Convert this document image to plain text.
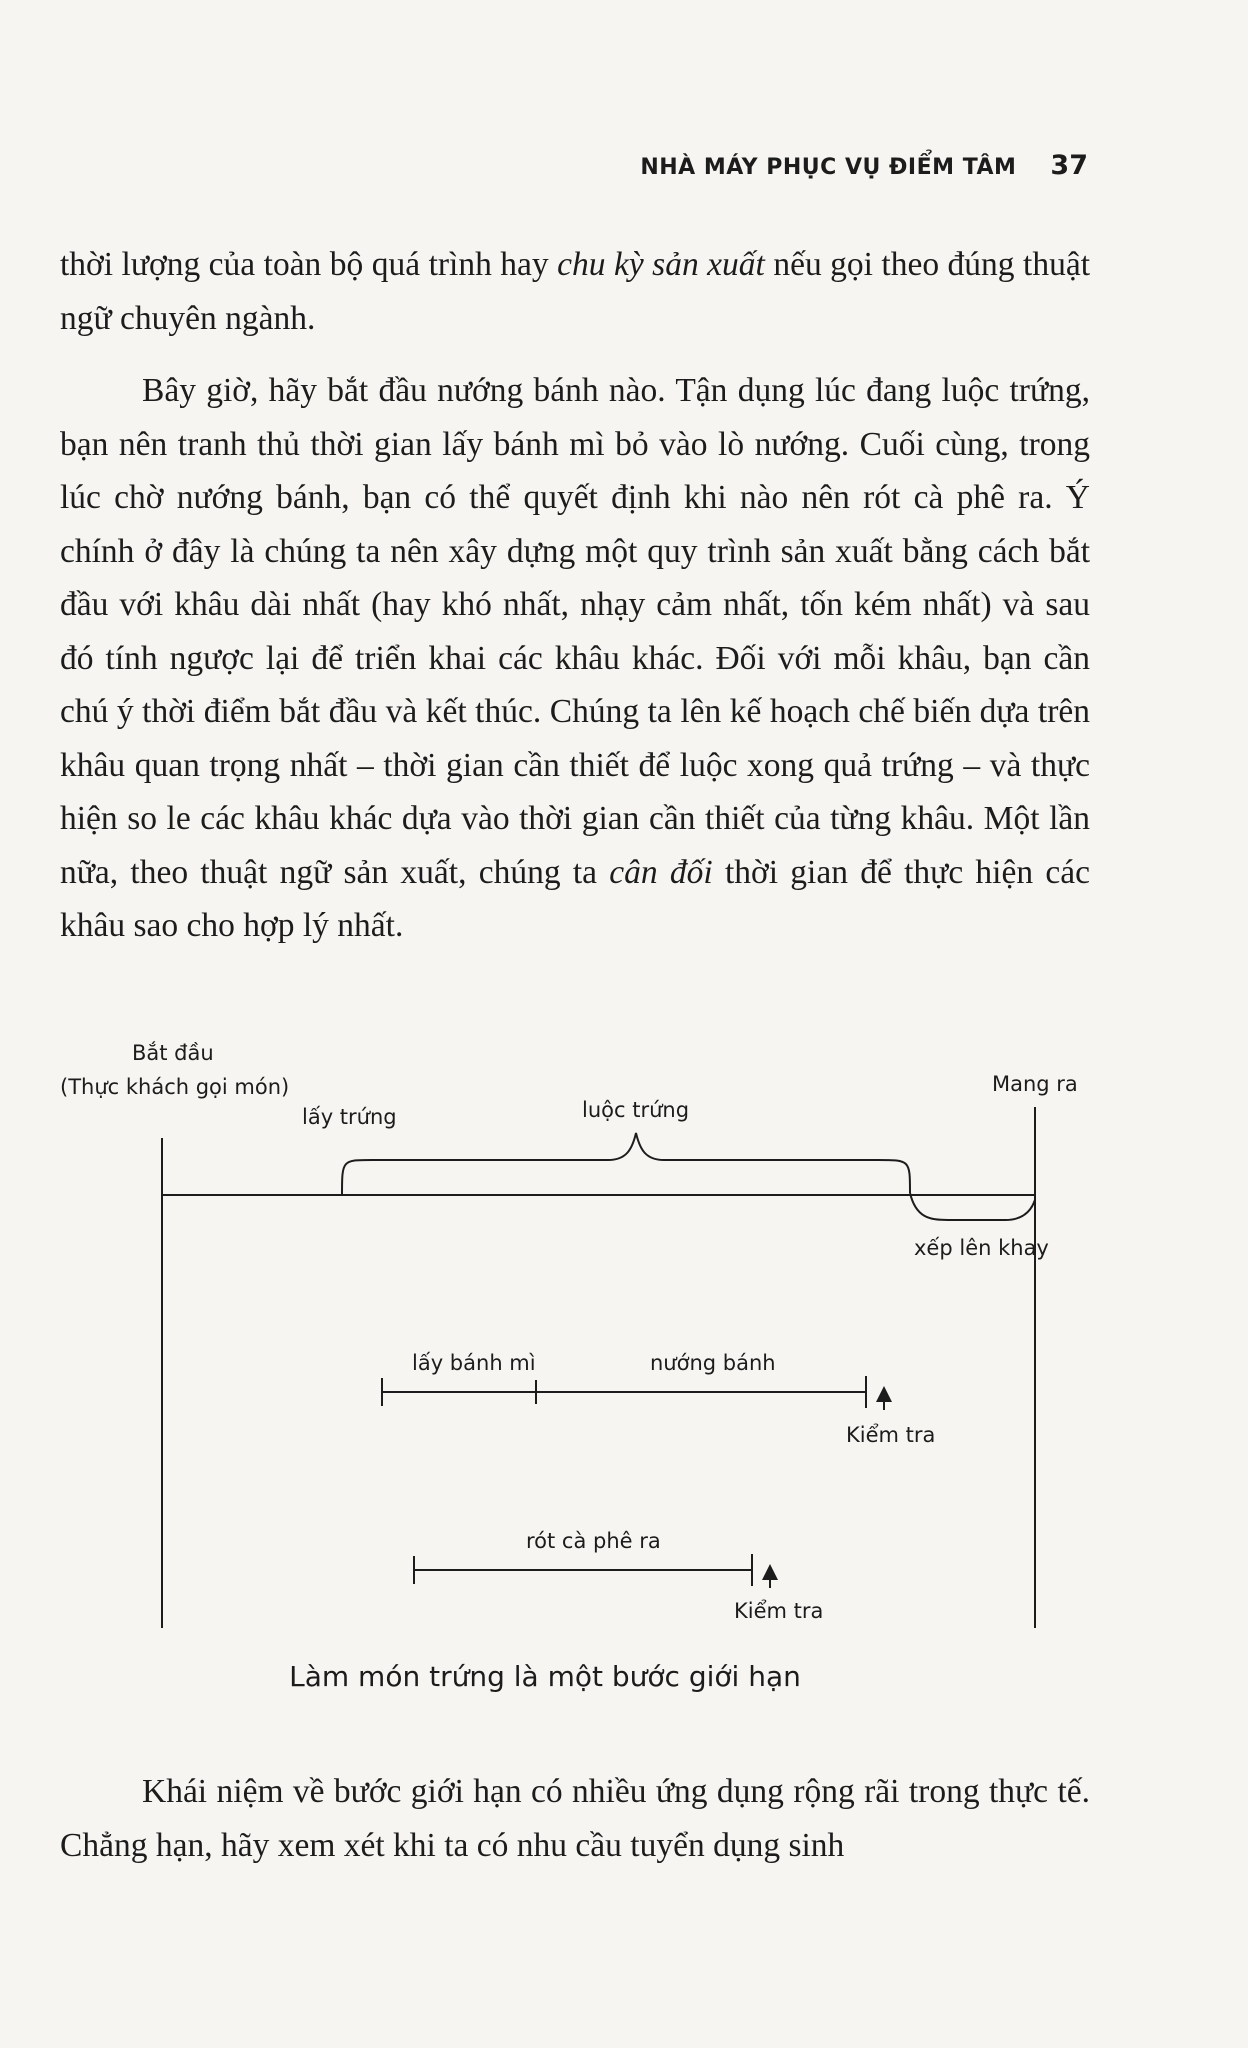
NHÀ MÁY PHỤC VỤ ĐIỂM TÂM 37

thời lượng của toàn bộ quá trình hay chu kỳ sản xuất nếu gọi theo đúng thuật ngữ chuyên ngành.

Bây giờ, hãy bắt đầu nướng bánh nào. Tận dụng lúc đang luộc trứng, bạn nên tranh thủ thời gian lấy bánh mì bỏ vào lò nướng. Cuối cùng, trong lúc chờ nướng bánh, bạn có thể quyết định khi nào nên rót cà phê ra. Ý chính ở đây là chúng ta nên xây dựng một quy trình sản xuất bằng cách bắt đầu với khâu dài nhất (hay khó nhất, nhạy cảm nhất, tốn kém nhất) và sau đó tính ngược lại để triển khai các khâu khác. Đối với mỗi khâu, bạn cần chú ý thời điểm bắt đầu và kết thúc. Chúng ta lên kế hoạch chế biến dựa trên khâu quan trọng nhất – thời gian cần thiết để luộc xong quả trứng – và thực hiện so le các khâu khác dựa vào thời gian cần thiết của từng khâu. Một lần nữa, theo thuật ngữ sản xuất, chúng ta cân đối thời gian để thực hiện các khâu sao cho hợp lý nhất.

Bắt đầu
(Thực khách gọi món)	Mang ra
lấy trứng	luộc trứng
xếp lên khay
lấy bánh mì	nướng bánh
Kiểm tra
rót cà phê ra
Kiểm tra
Làm món trứng là một bước giới hạn

Khái niệm về bước giới hạn có nhiều ứng dụng rộng rãi trong thực tế. Chẳng hạn, hãy xem xét khi ta có nhu cầu tuyển dụng sinh
